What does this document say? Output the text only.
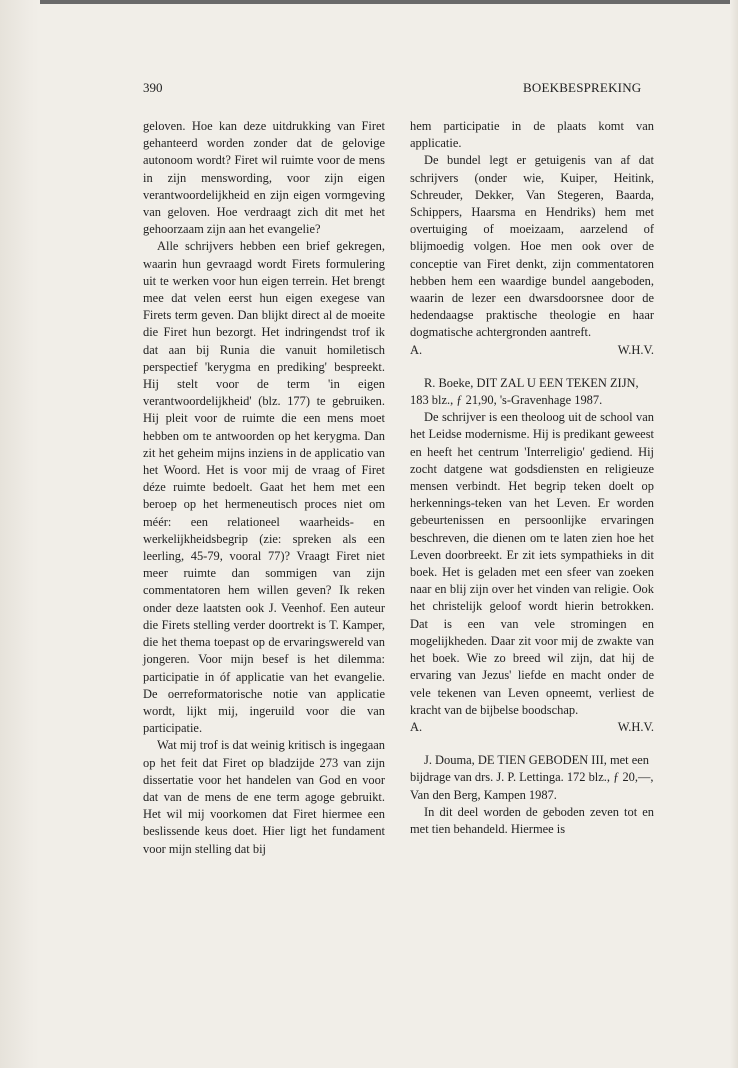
390	BOEKBESPREKING

geloven. Hoe kan deze uitdrukking van Firet gehanteerd worden zonder dat de gelovige autonoom wordt? Firet wil ruimte voor de mens in zijn menswording, voor zijn eigen verantwoordelijkheid en zijn eigen vormgeving van geloven. Hoe verdraagt zich dit met het gehoorzaam zijn aan het evangelie?

Alle schrijvers hebben een brief gekregen, waarin hun gevraagd wordt Firets formulering uit te werken voor hun eigen terrein. Het brengt mee dat velen eerst hun eigen exegese van Firets term geven. Dan blijkt direct al de moeite die Firet hun bezorgt. Het indringendst trof ik dat aan bij Runia die vanuit homiletisch perspectief 'kerygma en prediking' bespreekt. Hij stelt voor de term 'in eigen verantwoordelijkheid' (blz. 177) te gebruiken. Hij pleit voor de ruimte die een mens moet hebben om te antwoorden op het kerygma. Dan zit het geheim mijns inziens in de applicatio van het Woord. Het is voor mij de vraag of Firet déze ruimte bedoelt. Gaat het hem met een beroep op het hermeneutisch proces niet om méér: een relationeel waarheids- en werkelijkheidsbegrip (zie: spreken als een leerling, 45-79, vooral 77)? Vraagt Firet niet meer ruimte dan sommigen van zijn commentatoren hem willen geven? Ik reken onder deze laatsten ook J. Veenhof. Een auteur die Firets stelling verder doortrekt is T. Kamper, die het thema toepast op de ervaringswereld van jongeren. Voor mijn besef is het dilemma: participatie in óf applicatie van het evangelie. De oerreformatorische notie van applicatie wordt, lijkt mij, ingeruild voor die van participatie.

Wat mij trof is dat weinig kritisch is ingegaan op het feit dat Firet op bladzijde 273 van zijn dissertatie voor het handelen van God en voor dat van de mens de ene term agoge gebruikt. Het wil mij voorkomen dat Firet hiermee een beslissende keus doet. Hier ligt het fundament voor mijn stelling dat bij

hem participatie in de plaats komt van applicatie.

De bundel legt er getuigenis van af dat schrijvers (onder wie, Kuiper, Heitink, Schreuder, Dekker, Van Stegeren, Baarda, Schippers, Haarsma en Hendriks) hem met overtuiging of moeizaam, aarzelend of blijmoedig volgen. Hoe men ook over de conceptie van Firet denkt, zijn commentatoren hebben hem een waardige bundel aangeboden, waarin de lezer een dwarsdoorsnee door de hedendaagse praktische theologie en haar dogmatische achtergronden aantreft.

A.	W.H.V.

R. Boeke, DIT ZAL U EEN TEKEN ZIJN, 183 blz., ƒ 21,90, 's-Gravenhage 1987.

De schrijver is een theoloog uit de school van het Leidse modernisme. Hij is predikant geweest en heeft het centrum 'Interreligio' gediend. Hij zocht datgene wat godsdiensten en religieuze mensen verbindt. Het begrip teken doelt op herkennings-teken van het Leven. Er worden gebeurtenissen en persoonlijke ervaringen beschreven, die dienen om te laten zien hoe het Leven doorbreekt. Er zit iets sympathieks in dit boek. Het is geladen met een sfeer van zoeken naar en blij zijn over het vinden van religie. Ook het christelijk geloof wordt hierin betrokken. Dat is een van vele stromingen en mogelijkheden. Daar zit voor mij de zwakte van het boek. Wie zo breed wil zijn, dat hij de ervaring van Jezus' liefde en macht onder de vele tekenen van Leven opneemt, verliest de kracht van de bijbelse boodschap.

A.	W.H.V.

J. Douma, DE TIEN GEBODEN III, met een bijdrage van drs. J. P. Lettinga. 172 blz., ƒ 20,—, Van den Berg, Kampen 1987.

In dit deel worden de geboden zeven tot en met tien behandeld. Hiermee is
